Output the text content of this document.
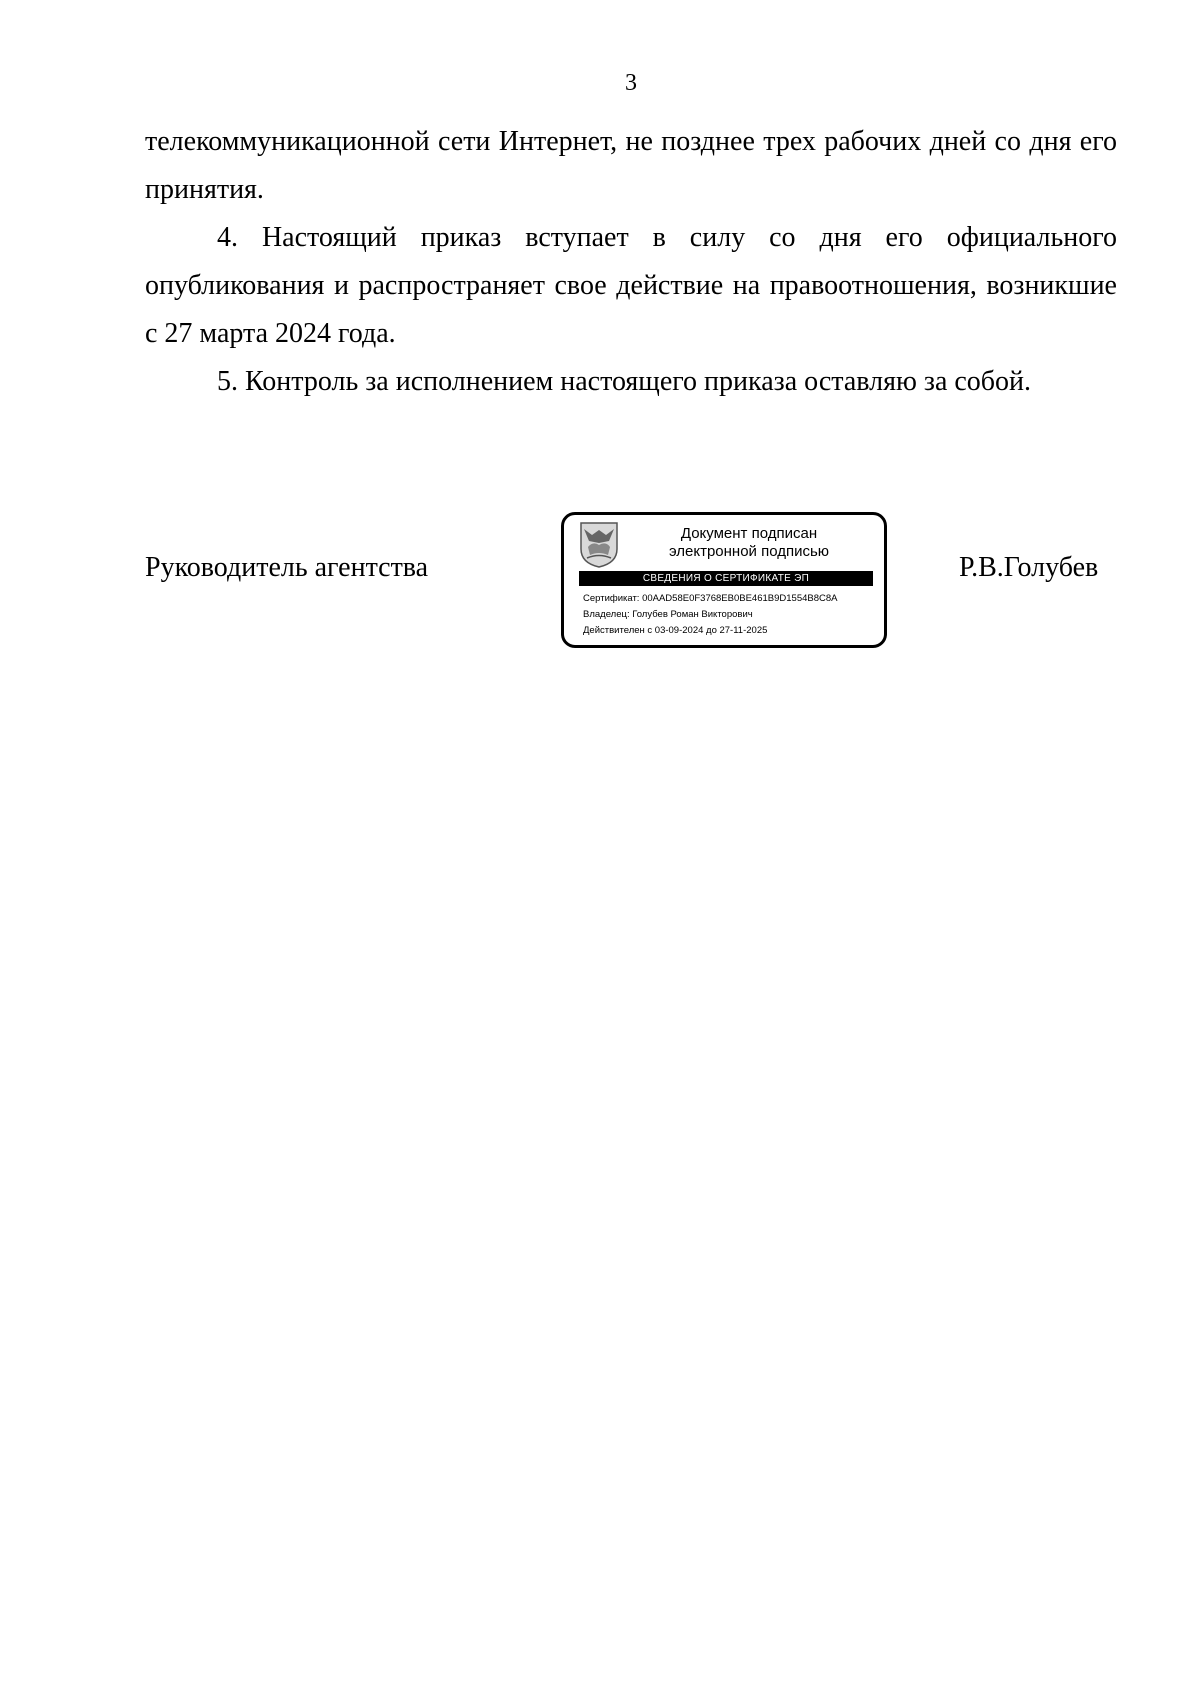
3

телекоммуникационной сети Интернет, не позднее трех рабочих дней со дня его принятия.

4. Настоящий приказ вступает в силу со дня его официального опубликования и распространяет свое действие на правоотношения, возникшие с 27 марта 2024 года.

5. Контроль за исполнением настоящего приказа оставляю за собой.

Руководитель агентства
Документ подписан
электронной подписью
СВЕДЕНИЯ О СЕРТИФИКАТЕ ЭП
Сертификат: 00AAD58E0F3768EB0BE461B9D1554B8C8A
Владелец: Голубев Роман Викторович
Действителен с 03-09-2024 до 27-11-2025
Р.В.Голубев
